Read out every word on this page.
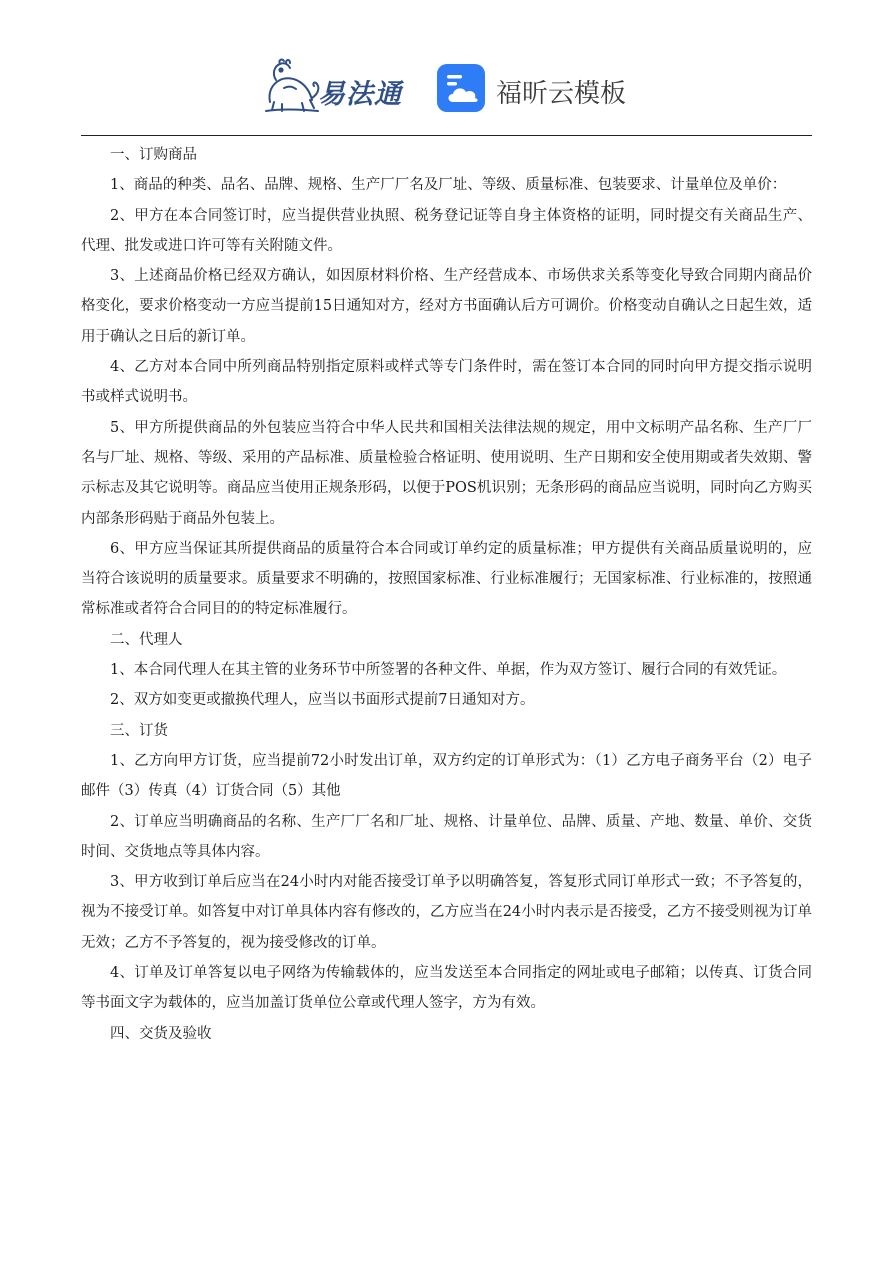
易法通	福昕云模板

一、订购商品

1、商品的种类、品名、品牌、规格、生产厂厂名及厂址、等级、质量标准、包装要求、计量单位及单价：

2、甲方在本合同签订时，应当提供营业执照、税务登记证等自身主体资格的证明，同时提交有关商品生产、代理、批发或进口许可等有关附随文件。

3、上述商品价格已经双方确认，如因原材料价格、生产经营成本、市场供求关系等变化导致合同期内商品价格变化，要求价格变动一方应当提前15日通知对方，经对方书面确认后方可调价。价格变动自确认之日起生效，适用于确认之日后的新订单。

4、乙方对本合同中所列商品特别指定原料或样式等专门条件时，需在签订本合同的同时向甲方提交指示说明书或样式说明书。

5、甲方所提供商品的外包装应当符合中华人民共和国相关法律法规的规定，用中文标明产品名称、生产厂厂名与厂址、规格、等级、采用的产品标准、质量检验合格证明、使用说明、生产日期和安全使用期或者失效期、警示标志及其它说明等。商品应当使用正规条形码，以便于POS机识别；无条形码的商品应当说明，同时向乙方购买内部条形码贴于商品外包装上。

6、甲方应当保证其所提供商品的质量符合本合同或订单约定的质量标准；甲方提供有关商品质量说明的，应当符合该说明的质量要求。质量要求不明确的，按照国家标准、行业标准履行；无国家标准、行业标准的，按照通常标准或者符合合同目的的特定标准履行。

二、代理人

1、本合同代理人在其主管的业务环节中所签署的各种文件、单据，作为双方签订、履行合同的有效凭证。

2、双方如变更或撤换代理人，应当以书面形式提前7日通知对方。

三、订货

1、乙方向甲方订货，应当提前72小时发出订单，双方约定的订单形式为：（1）乙方电子商务平台（2）电子邮件（3）传真（4）订货合同（5）其他

2、订单应当明确商品的名称、生产厂厂名和厂址、规格、计量单位、品牌、质量、产地、数量、单价、交货时间、交货地点等具体内容。

3、甲方收到订单后应当在24小时内对能否接受订单予以明确答复，答复形式同订单形式一致；不予答复的，视为不接受订单。如答复中对订单具体内容有修改的，乙方应当在24小时内表示是否接受，乙方不接受则视为订单无效；乙方不予答复的，视为接受修改的订单。

4、订单及订单答复以电子网络为传输载体的，应当发送至本合同指定的网址或电子邮箱；以传真、订货合同等书面文字为载体的，应当加盖订货单位公章或代理人签字，方为有效。

四、交货及验收
